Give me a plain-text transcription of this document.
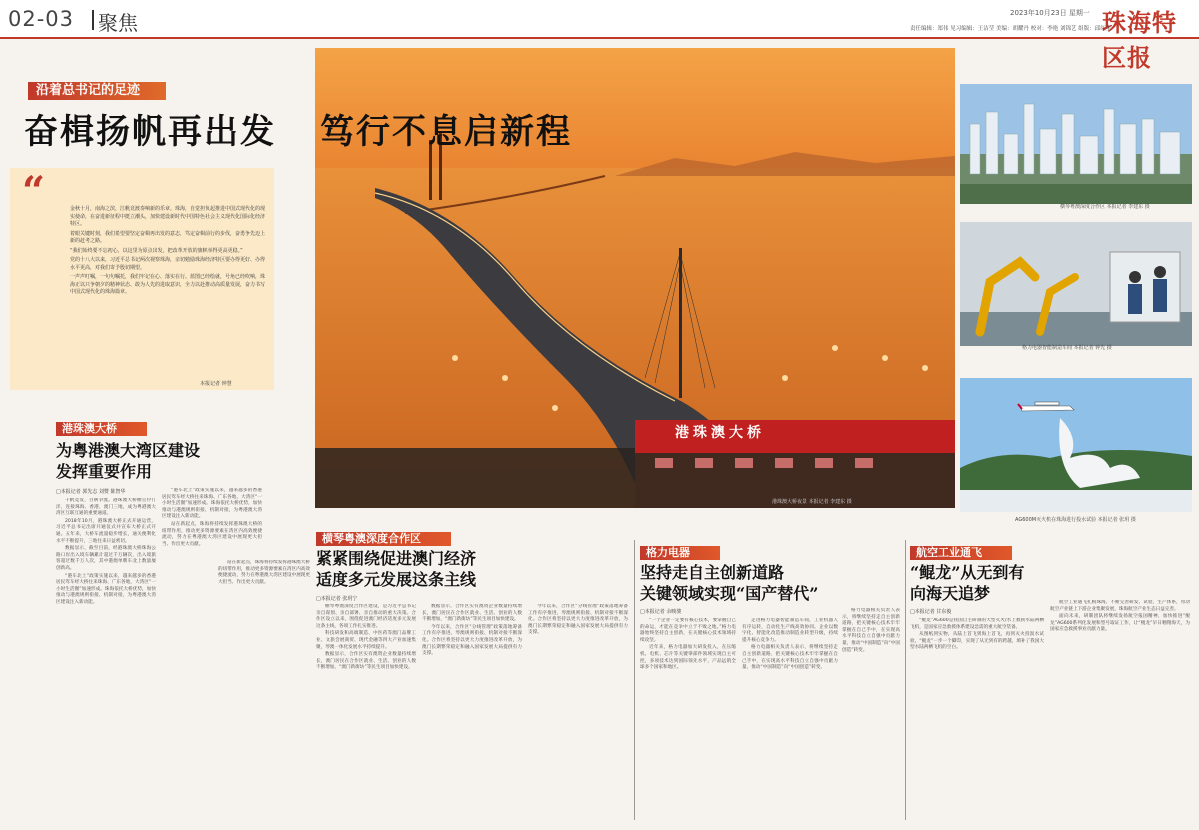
02-03 聚焦	2023年10月23日 星期一 珠海特区报
责任编辑：郑伟 见习编辑：王洁莹 美编：胡耀丹 校对：李艳 刘锦艺 组版：邱红生
港珠澳大桥
港珠澳大桥夜景 本报记者 李建东 摄
沿着总书记的足迹
奋楫扬帆再出发 笃行不息启新程
“	金秋十月，南海之滨，江帆竞渡奏响新的乐章。珠海，自觉担负起推进中国式现代化的现实使命，在奋进新征程中挺立潮头，加快建设新时代中国特色社会主义现代化国际化经济特区。

着眼关键时刻，我们希望要坚定奋楫再出发的意志，笃定奋楫前行的步伐，奋勇争先迈上新的赶考之路。

“我们始终要不忘初心，以这里为原点出发，把改革开放的旗帜举得更高更稳。”

党的十八大以来，习近平总书记两次视察珠海，亲切勉励珠海经济特区要办得更好、办得水平更高，对我们寄予殷切期望。

一声声叮嘱，一句句嘱托，我们牢记在心、落实在行。蓝图已经绘就，号角已经吹响，珠海正以只争朝夕的精神状态、敢为人先的进取意识，全力以赴推动高质量发展，奋力书写中国式现代化的珠海篇章。

本报记者 钟慧
港珠澳大桥
为粤港澳大湾区建设
发挥重要作用
□本报记者 郭先志 刘赞 陈智华

千帆竞发，百舸争流。港珠澳大桥横亘伶仃洋，连接珠海、香港、澳门三地，成为粤港澳大湾区互联互通的重要通道。

2018年10月，港珠澳大桥正式开通运营，习近平总书记出席开通仪式并宣布大桥正式开通。五年来，大桥车流量稳步增长，通关便利化水平不断提升，三地往来日益密切。

数据显示，截至目前，经港珠澳大桥珠海公路口岸出入境车辆累计超过千万辆次，出入境旅客超过数千万人次，其中港澳单牌车北上数量屡创新高。

“港车北上”政策实施以来，越来越多的香港居民驾车经大桥往来珠海、广东各地，大湾区“一小时生活圈”加速形成。珠海依托大桥优势，加快推动与港澳规则衔接、机制对接，为粤港澳大湾区建设注入新动能。

“港车北上”政策实施以来，越来越多的香港居民驾车经大桥往来珠海、广东各地，大湾区“一小时生活圈”加速形成。珠海依托大桥优势，加快推动与港澳规则衔接、机制对接，为粤港澳大湾区建设注入新动能。

站在新起点，珠海将持续发挥港珠澳大桥的纽带作用，推动更多资源要素在湾区内高效便捷流动，努力在粤港澳大湾区建设中展现更大担当、作出更大贡献。

站在新起点，珠海将持续发挥港珠澳大桥的纽带作用，推动更多资源要素在湾区内高效便捷流动，努力在粤港澳大湾区建设中展现更大担当、作出更大贡献。

横琴粤澳深度合作区
紧紧围绕促进澳门经济
适度多元发展这条主线
□本报记者 张玥宁

横琴粤澳深度合作区建设，是习近平总书记亲自谋划、亲自部署、亲自推动的重大决策。合作区设立以来，围绕促进澳门经济适度多元发展这条主线，各项工作扎实推进。

科技研发和高端制造、中医药等澳门品牌工业、文旅会展商贸、现代金融等四大产业加速集聚，琴澳一体化发展水平持续提升。

数据显示，合作区实有澳资企业数量持续增长，澳门居民在合作区就业、生活、创业的人数不断增加，“澳门新街坊”等民生项目加快建设。

数据显示，合作区实有澳资企业数量持续增长，澳门居民在合作区就业、生活、创业的人数不断增加，“澳门新街坊”等民生项目加快建设。

今年以来，合作区“分线管理”政策落地筹备工作有序推进，琴澳规则衔接、机制对接不断深化。合作区将坚持以更大力度推进改革开放，为澳门长期繁荣稳定和融入国家发展大局提供有力支撑。

今年以来，合作区“分线管理”政策落地筹备工作有序推进，琴澳规则衔接、机制对接不断深化。合作区将坚持以更大力度推进改革开放，为澳门长期繁荣稳定和融入国家发展大局提供有力支撑。

格力电器
坚持走自主创新道路
关键领域实现“国产替代”
□本报记者 余映骏

“一个企业一定要有核心技术，要掌握自己的命运，才能在竞争中立于不败之地。”格力电器始终坚持自主创新，在关键核心技术领域持续攻坚。

近年来，格力电器加大研发投入，在压缩机、电机、芯片等关键零部件领域实现自主可控，多项技术达到国际领先水平，产品远销全球多个国家和地区。

走进格力电器智能制造车间，工业机器人有序运转，自动化生产线高效协同。企业以数字化、智能化改造推动制造业转型升级，持续提升核心竞争力。

格力电器相关负责人表示，将继续坚持走自主创新道路，把关键核心技术牢牢掌握在自己手中，在实现高水平科技自立自强中贡献力量，推动“中国制造”向“中国创造”转变。

格力电器相关负责人表示，将继续坚持走自主创新道路，把关键核心技术牢牢掌握在自己手中，在实现高水平科技自立自强中贡献力量，推动“中国制造”向“中国创造”转变。

航空工业通飞
“鲲龙”从无到有
向海天追梦
□本报记者 甘东俊

“鲲龙”AG600是我国自主研制的大型灭火/水上救援水陆两栖飞机，是国家应急救援体系建设急需的重大航空装备。

从图纸到实物，从陆上首飞到海上首飞，再到灭火投汲水试验，“鲲龙”一步一个脚印，实现了从无到有的跨越，填补了我国大型水陆两栖飞机的空白。

航空工业通飞扎根珠海，不断完善研发、试验、生产体系，带动航空产业链上下游企业集聚发展，珠海航空产业生态日益完善。

面向未来，研制团队将继续发扬航空报国精神，加快推进“鲲龙”AG600系列化发展和型号取证工作，让“鲲龙”早日翱翔海天，为国家应急救援事业贡献力量。

横琴粤澳深度合作区 本报记者 李建东 摄
格力电器智能制造车间 本报记者 钟先 摄
AG600M灭火机在珠海进行投水试验 本报记者 张玥 摄
